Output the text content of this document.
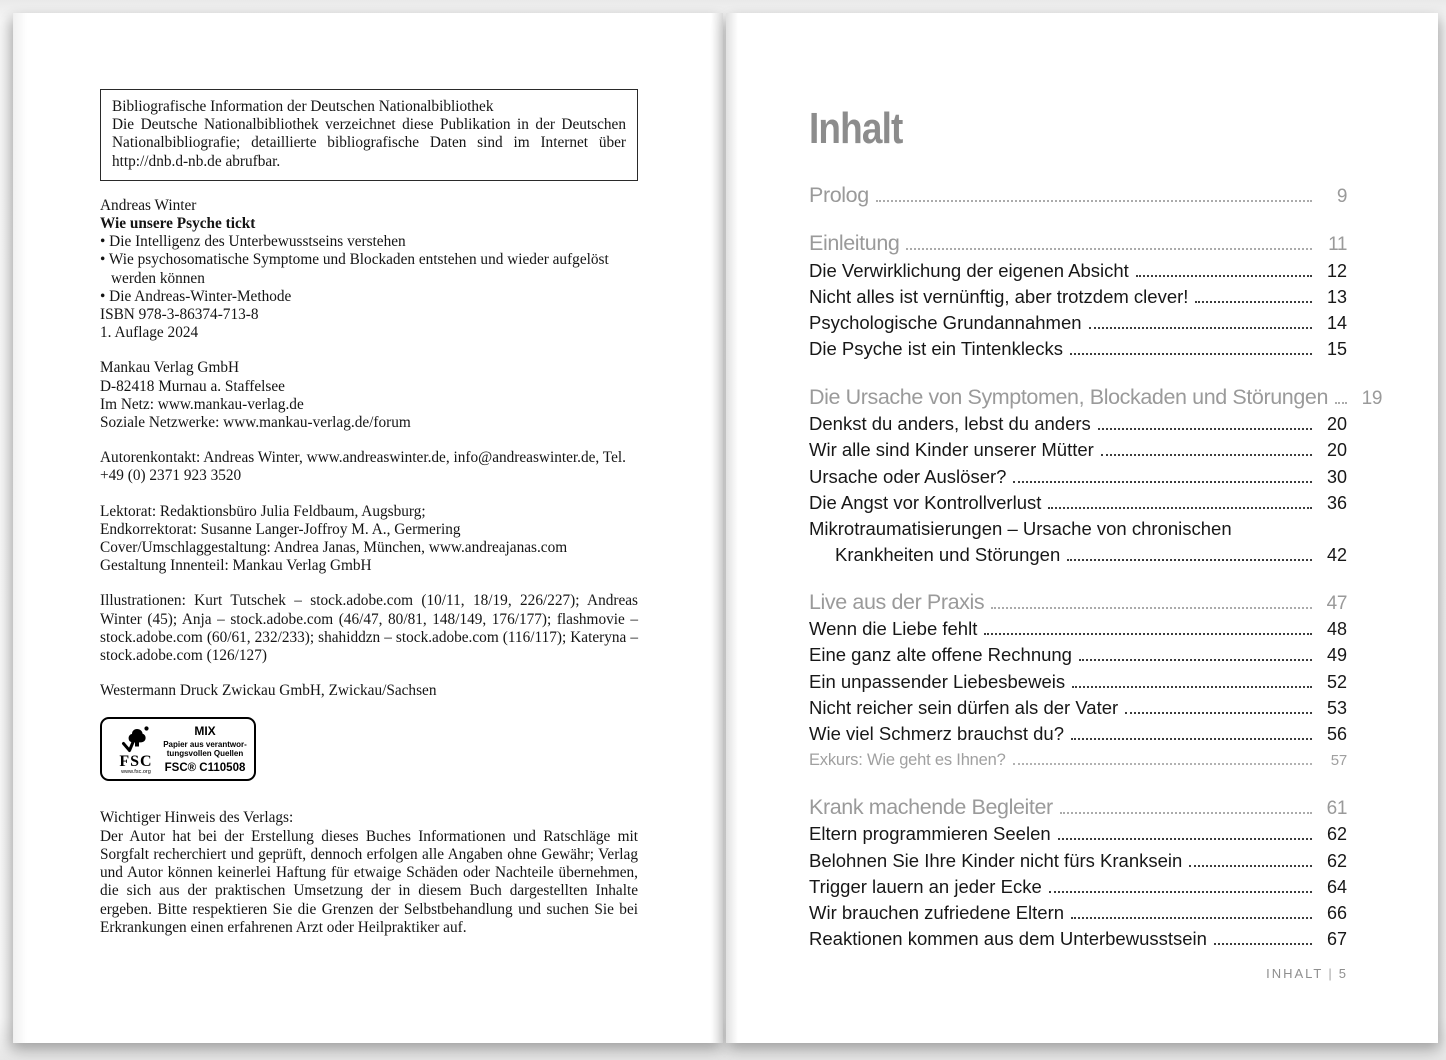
Bibliografische Information der Deutschen Nationalbibliothek
Die Deutsche Nationalbibliothek verzeichnet diese Publikation in der Deutschen Nationalbibliografie; detaillierte bibliografische Daten sind im Internet über http://dnb.d-nb.de abrufbar.
Andreas Winter
Wie unsere Psyche tickt
• Die Intelligenz des Unterbewusstseins verstehen
• Wie psychosomatische Symptome und Blockaden entstehen und wieder aufgelöst werden können
• Die Andreas-Winter-Methode
ISBN 978-3-86374-713-8
1. Auflage 2024
Mankau Verlag GmbH
D-82418 Murnau a. Staffelsee
Im Netz: www.mankau-verlag.de
Soziale Netzwerke: www.mankau-verlag.de/forum
Autorenkontakt: Andreas Winter, www.andreaswinter.de, info@andreaswinter.de, Tel. +49 (0) 2371 923 3520
Lektorat: Redaktionsbüro Julia Feldbaum, Augsburg;
Endkorrektorat: Susanne Langer-Joffroy M. A., Germering
Cover/Umschlaggestaltung: Andrea Janas, München, www.andreajanas.com
Gestaltung Innenteil: Mankau Verlag GmbH
Illustrationen: Kurt Tutschek – stock.adobe.com (10/11, 18/19, 226/227); Andreas Winter (45); Anja – stock.adobe.com (46/47, 80/81, 148/149, 176/177); flashmovie – stock.adobe.com (60/61, 232/233); shahiddzn – stock.adobe.com (116/117); Kateryna – stock.adobe.com (126/127)
Westermann Druck Zwickau GmbH, Zwickau/Sachsen
FSC
www.fsc.org
MIX
Papier aus verantwor-
tungsvollen Quellen
FSC® C110508
Wichtiger Hinweis des Verlags:
Der Autor hat bei der Erstellung dieses Buches Informationen und Ratschläge mit Sorgfalt recherchiert und geprüft, dennoch erfolgen alle Angaben ohne Gewähr; Verlag und Autor können keinerlei Haftung für etwaige Schäden oder Nachteile übernehmen, die sich aus der praktischen Umsetzung der in diesem Buch dargestellten Inhalte ergeben. Bitte respektieren Sie die Grenzen der Selbstbehandlung und suchen Sie bei Erkrankungen einen erfahrenen Arzt oder Heilpraktiker auf.
Inhalt
Prolog	9
Einleitung	11
Die Verwirklichung der eigenen Absicht	12
Nicht alles ist vernünftig, aber trotzdem clever!	13
Psychologische Grundannahmen	14
Die Psyche ist ein Tintenklecks	15
Die Ursache von Symptomen, Blockaden und Störungen	19
Denkst du anders, lebst du anders	20
Wir alle sind Kinder unserer Mütter	20
Ursache oder Auslöser?	30
Die Angst vor Kontrollverlust	36
Mikrotraumatisierungen – Ursache von chronischen
Krankheiten und Störungen	42
Live aus der Praxis	47
Wenn die Liebe fehlt	48
Eine ganz alte offene Rechnung	49
Ein unpassender Liebesbeweis	52
Nicht reicher sein dürfen als der Vater	53
Wie viel Schmerz brauchst du?	56
Exkurs: Wie geht es Ihnen?	57
Krank machende Begleiter	61
Eltern programmieren Seelen	62
Belohnen Sie Ihre Kinder nicht fürs Kranksein	62
Trigger lauern an jeder Ecke	64
Wir brauchen zufriedene Eltern	66
Reaktionen kommen aus dem Unterbewusstsein	67
INHALT | 5
